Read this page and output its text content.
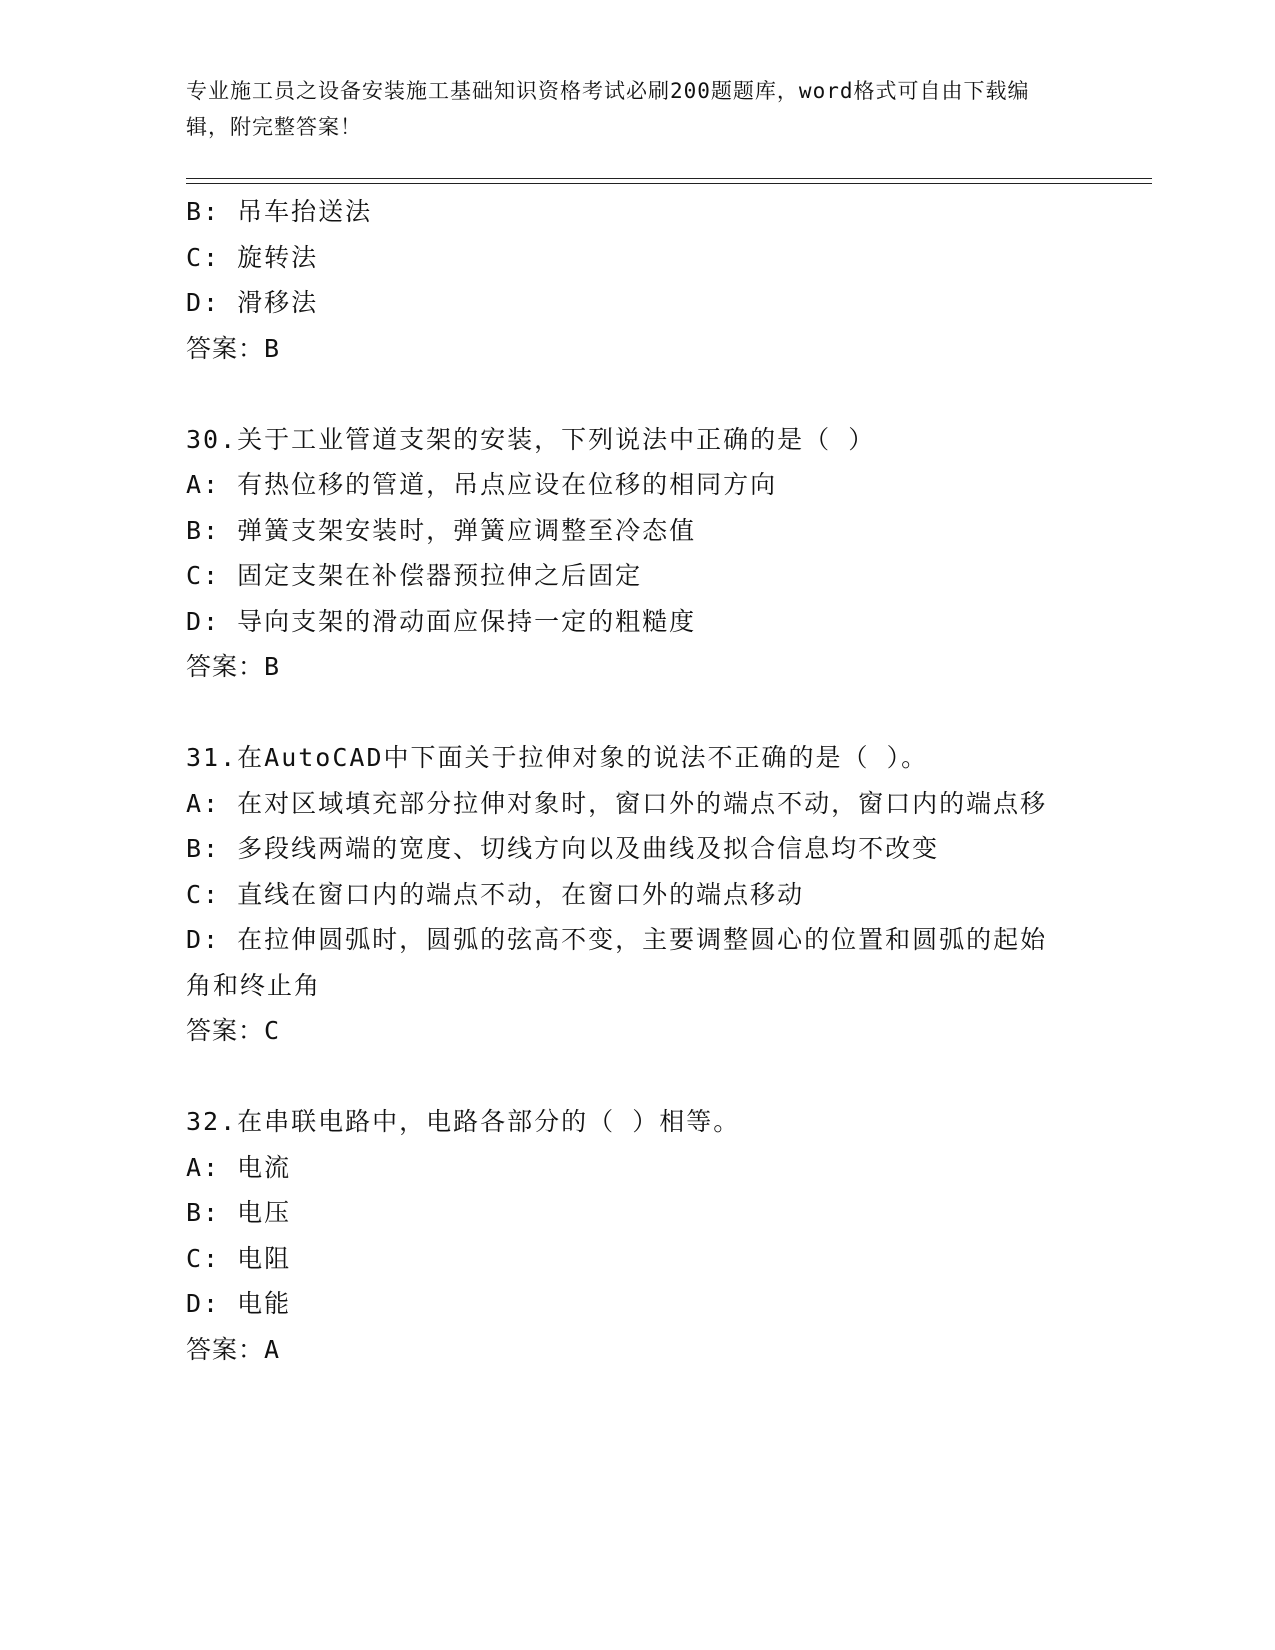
专业施工员之设备安装施工基础知识资格考试必刷200题题库，word格式可自由下载编辑，附完整答案！
B: 吊车抬送法
C: 旋转法
D: 滑移法
答案：B
30.关于工业管道支架的安装，下列说法中正确的是（ ）
A: 有热位移的管道，吊点应设在位移的相同方向
B: 弹簧支架安装时，弹簧应调整至冷态值
C: 固定支架在补偿器预拉伸之后固定
D: 导向支架的滑动面应保持一定的粗糙度
答案：B
31.在AutoCAD中下面关于拉伸对象的说法不正确的是（ ）。
A: 在对区域填充部分拉伸对象时，窗口外的端点不动，窗口内的端点移
B: 多段线两端的宽度、切线方向以及曲线及拟合信息均不改变
C: 直线在窗口内的端点不动，在窗口外的端点移动
D: 在拉伸圆弧时，圆弧的弦高不变，主要调整圆心的位置和圆弧的起始角和终止角
答案：C
32.在串联电路中，电路各部分的（ ）相等。
A: 电流
B: 电压
C: 电阻
D: 电能
答案：A
